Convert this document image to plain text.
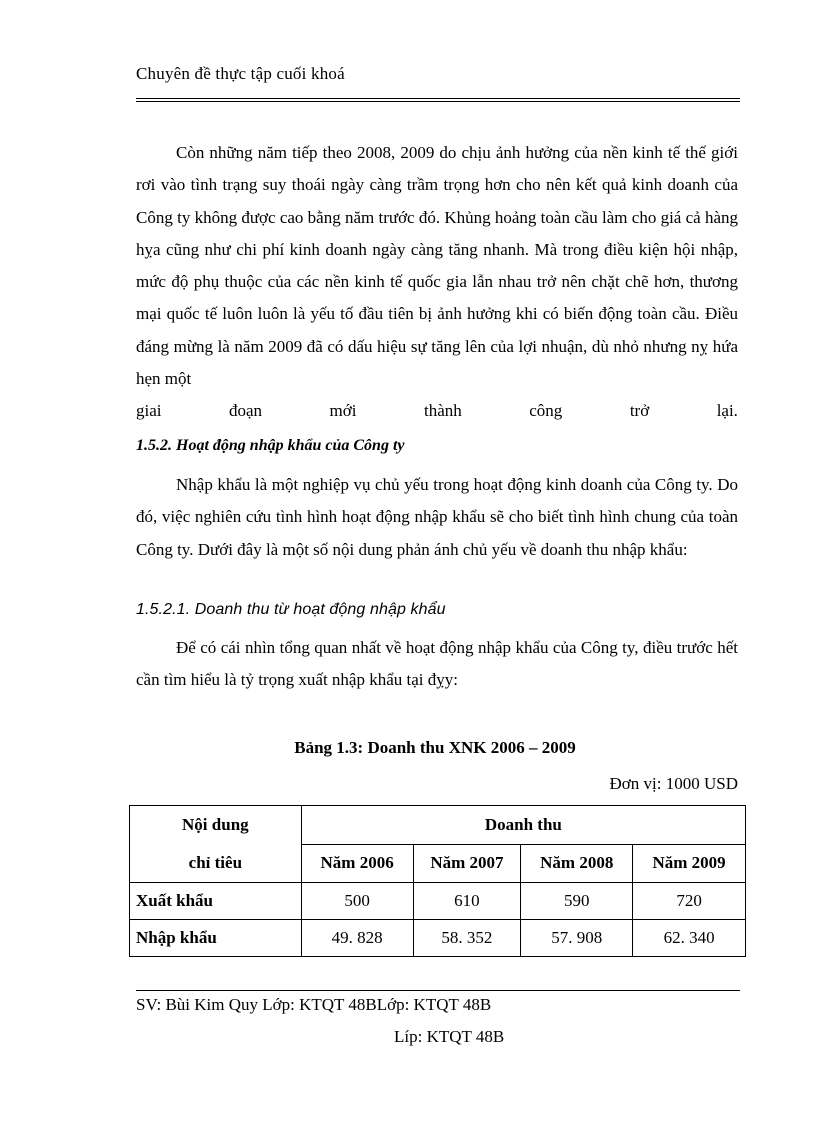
Chuyên đề thực tập cuối khoá
Còn những năm tiếp theo 2008, 2009 do chịu ảnh hưởng của nền kinh tế thế giới rơi vào tình trạng suy thoái ngày càng trầm trọng hơn cho nên kết quả kinh doanh của Công ty không được cao bằng năm trước đó. Khủng hoảng toàn cầu làm cho giá cả hàng hỵa cũng như chi phí kinh doanh ngày càng tăng nhanh. Mà trong điều kiện hội nhập, mức độ phụ thuộc của các nền kinh tế quốc gia lẫn nhau trở nên chặt chẽ hơn, thương mại quốc tế luôn luôn là yếu tố đầu tiên bị ảnh hưởng khi có biến động toàn cầu. Điều đáng mừng là năm 2009 đã có dấu hiệu sự tăng lên của lợi nhuận, dù nhỏ nhưng nỵ hứa hẹn một
giai	đoạn	mới	thành	công	trở	lại.
1.5.2. Hoạt động nhập khẩu của Công ty
Nhập khẩu là một nghiệp vụ chủ yếu trong hoạt động kinh doanh của Công ty. Do đó, việc nghiên cứu tình hình hoạt động nhập khẩu sẽ cho biết tình hình chung của toàn Công ty. Dưới đây là một số nội dung phản ánh chủ yếu về doanh thu nhập khẩu:
1.5.2.1. Doanh thu từ hoạt động nhập khẩu
Để có cái nhìn tổng quan nhất về hoạt động nhập khẩu của Công ty, điều trước hết cần tìm hiểu là tỷ trọng xuất nhập khẩu tại đỵy:
Bảng 1.3: Doanh thu XNK 2006 – 2009
Đơn vị: 1000 USD
Nội dung
chỉ tiêu	Doanh thu			
	Năm 2006	Năm 2007	Năm 2008	Năm 2009
Xuất khẩu	500	610	590	720
Nhập khẩu	49. 828	58. 352	57. 908	62. 340
SV: Bùi Kim Quy Lớp: KTQT 48BLớp: KTQT 48B
Líp: KTQT 48B
